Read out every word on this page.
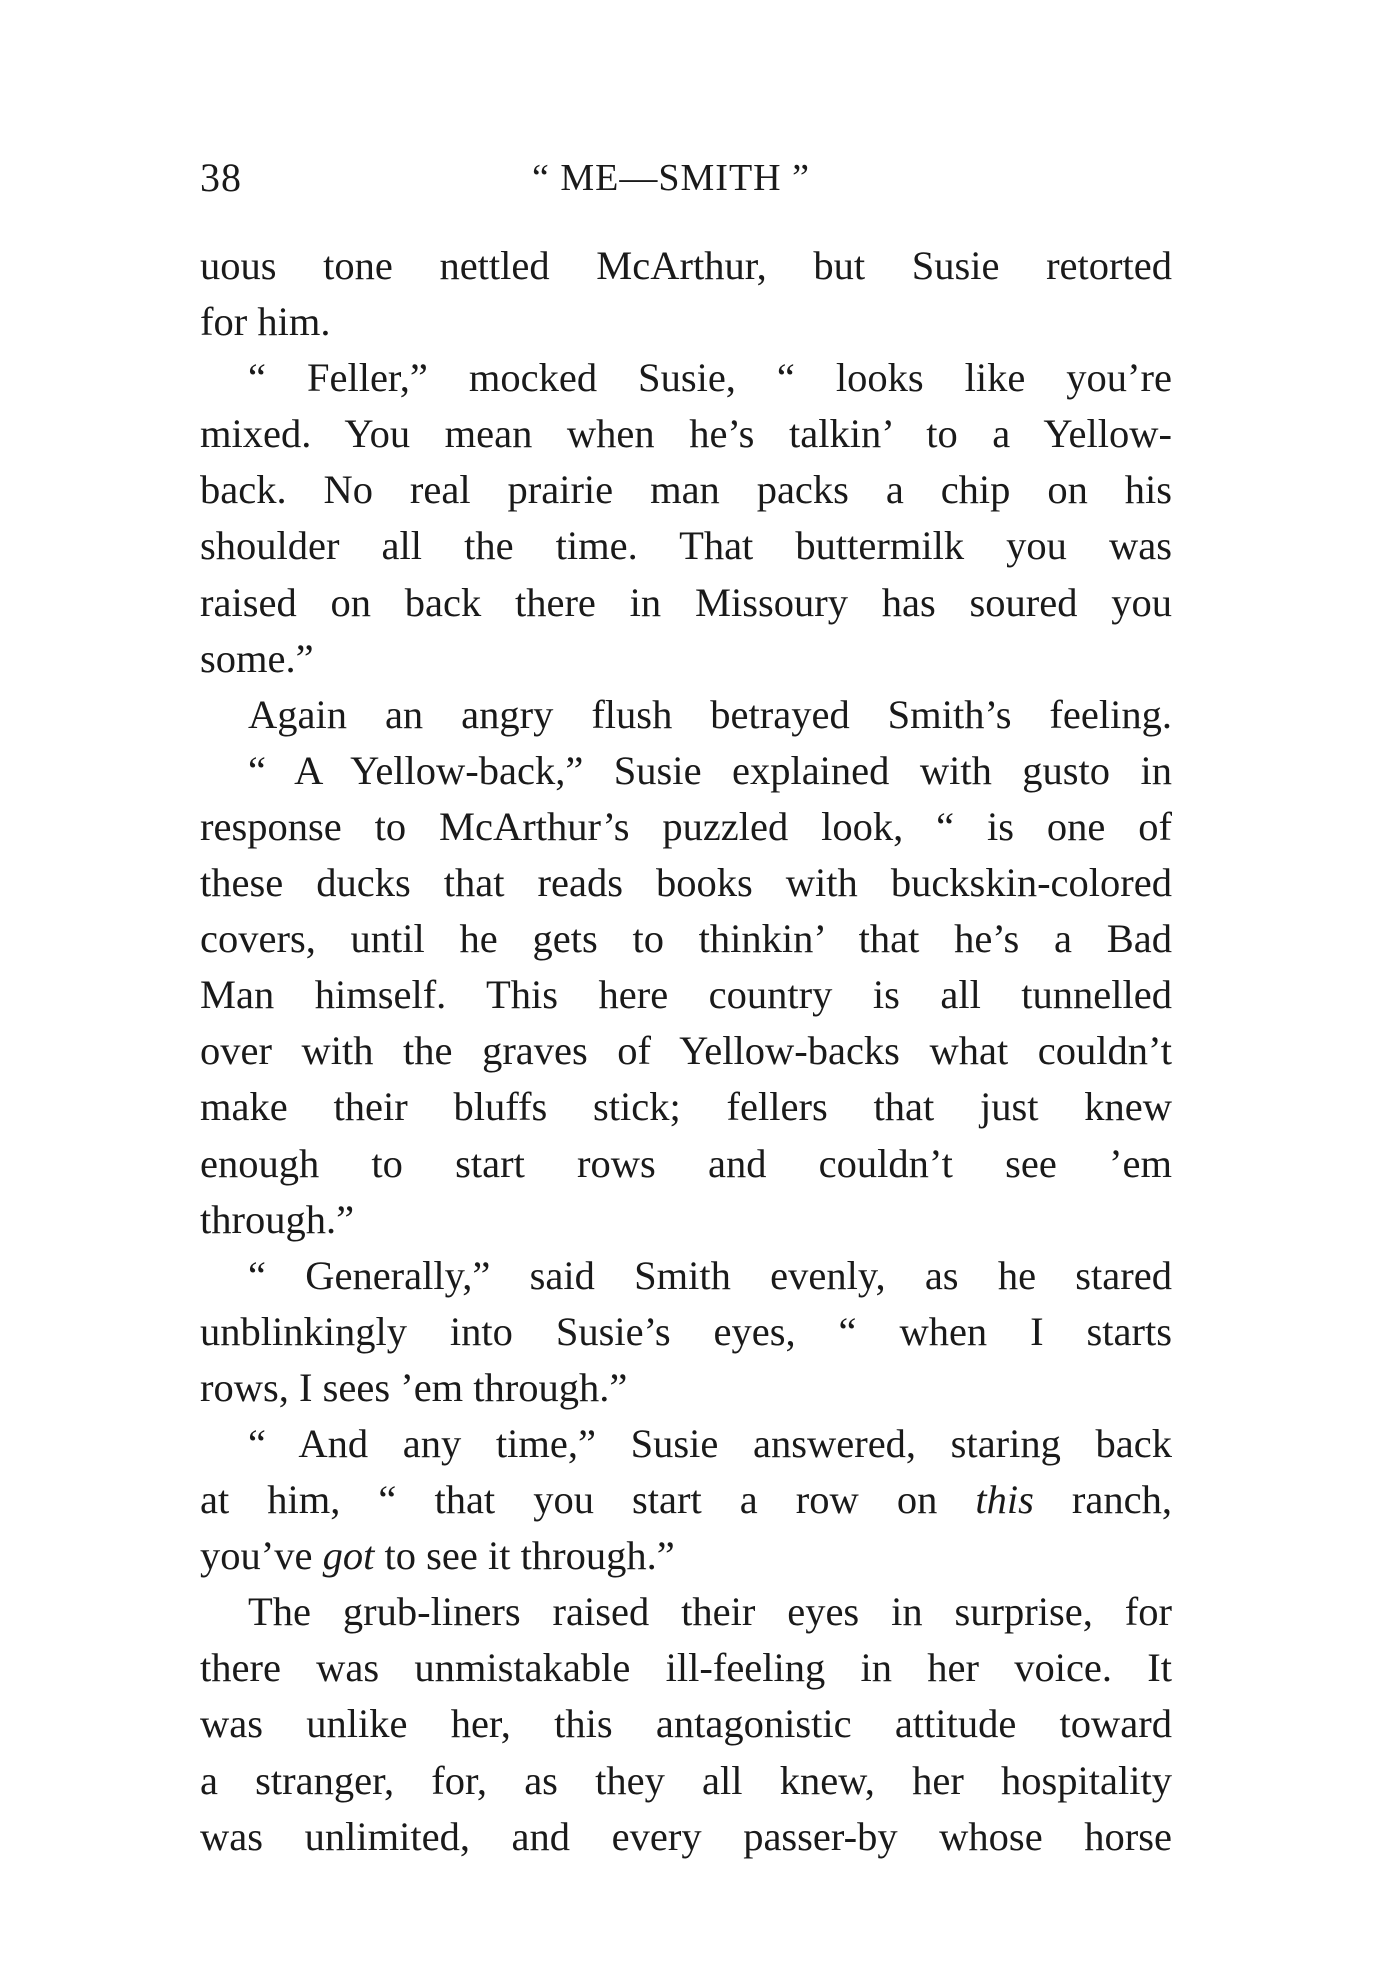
38	“ ME—SMITH ”
uous tone nettled McArthur, but Susie retorted
for him.
“ Feller,” mocked Susie, “ looks like you’re
mixed. You mean when he’s talkin’ to a Yellow-
back. No real prairie man packs a chip on his
shoulder all the time. That buttermilk you was
raised on back there in Missoury has soured you
some.”
Again an angry flush betrayed Smith’s feeling.
“ A Yellow-back,” Susie explained with gusto in
response to McArthur’s puzzled look, “ is one of
these ducks that reads books with buckskin-colored
covers, until he gets to thinkin’ that he’s a Bad
Man himself. This here country is all tunnelled
over with the graves of Yellow-backs what couldn’t
make their bluffs stick; fellers that just knew
enough to start rows and couldn’t see ’em
through.”
“ Generally,” said Smith evenly, as he stared
unblinkingly into Susie’s eyes, “ when I starts
rows, I sees ’em through.”
“ And any time,” Susie answered, staring back
at him, “ that you start a row on this ranch,
you’ve got to see it through.”
The grub-liners raised their eyes in surprise, for
there was unmistakable ill-feeling in her voice. It
was unlike her, this antagonistic attitude toward
a stranger, for, as they all knew, her hospitality
was unlimited, and every passer-by whose horse
